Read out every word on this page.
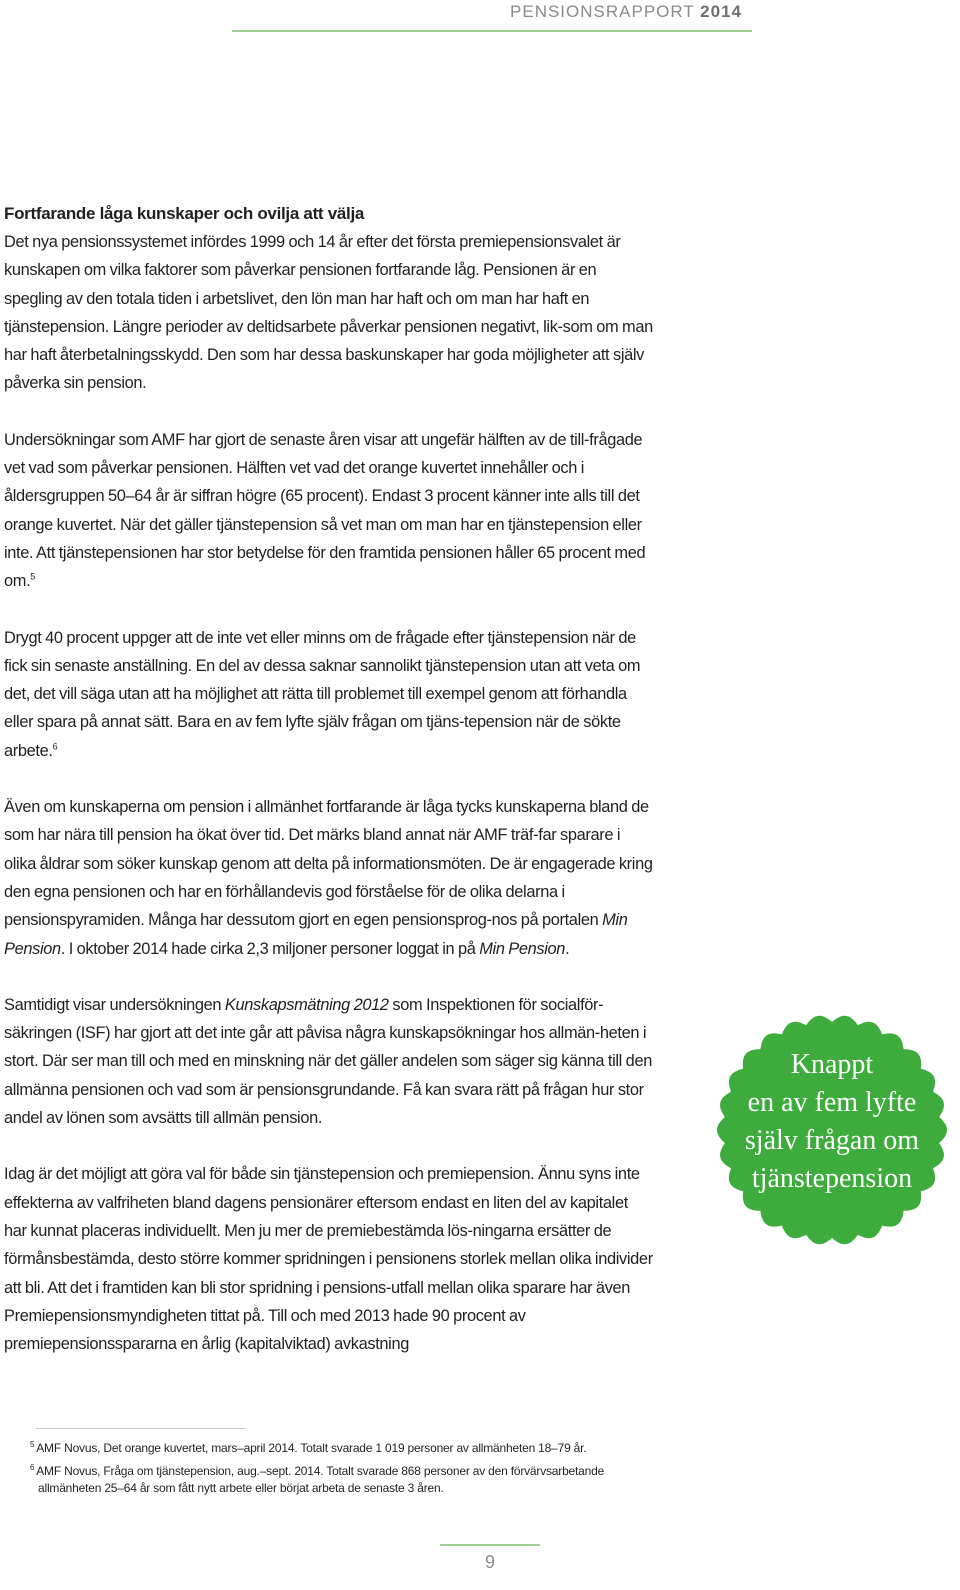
PENSIONSRAPPORT 2014

Fortfarande låga kunskaper och ovilja att välja

Det nya pensionssystemet infördes 1999 och 14 år efter det första premiepensionsvalet är kunskapen om vilka faktorer som påverkar pensionen fortfarande låg. Pensionen är en spegling av den totala tiden i arbetslivet, den lön man har haft och om man har haft en tjänstepension. Längre perioder av deltidsarbete påverkar pensionen negativt, lik-som om man har haft återbetalningsskydd. Den som har dessa baskunskaper har goda möjligheter att själv påverka sin pension.

Undersökningar som AMF har gjort de senaste åren visar att ungefär hälften av de till-frågade vet vad som påverkar pensionen. Hälften vet vad det orange kuvertet innehåller och i åldersgruppen 50–64 år är siffran högre (65 procent). Endast 3 procent känner inte alls till det orange kuvertet. När det gäller tjänstepension så vet man om man har en tjänstepension eller inte. Att tjänstepensionen har stor betydelse för den framtida pensionen håller 65 procent med om.$^5$

Drygt 40 procent uppger att de inte vet eller minns om de frågade efter tjänstepension när de fick sin senaste anställning. En del av dessa saknar sannolikt tjänstepension utan att veta om det, det vill säga utan att ha möjlighet att rätta till problemet till exempel genom att förhandla eller spara på annat sätt. Bara en av fem lyfte själv frågan om tjäns-tepension när de sökte arbete.$^6$

Även om kunskaperna om pension i allmänhet fortfarande är låga tycks kunskaperna bland de som har nära till pension ha ökat över tid. Det märks bland annat när AMF träf-far sparare i olika åldrar som söker kunskap genom att delta på informationsmöten. De är engagerade kring den egna pensionen och har en förhållandevis god förståelse för de olika delarna i pensionspyramiden. Många har dessutom gjort en egen pensionsprog-nos på portalen Min Pension. I oktober 2014 hade cirka 2,3 miljoner personer loggat in på Min Pension.

Samtidigt visar undersökningen Kunskapsmätning 2012 som Inspektionen för socialför-säkringen (ISF) har gjort att det inte går att påvisa några kunskapsökningar hos allmän-heten i stort. Där ser man till och med en minskning när det gäller andelen som säger sig känna till den allmänna pensionen och vad som är pensionsgrundande. Få kan svara rätt på frågan hur stor andel av lönen som avsätts till allmän pension.

Idag är det möjligt att göra val för både sin tjänstepension och premiepension. Ännu syns inte effekterna av valfriheten bland dagens pensionärer eftersom endast en liten del av kapitalet har kunnat placeras individuellt. Men ju mer de premiebestämda lös-ningarna ersätter de förmånsbestämda, desto större kommer spridningen i pensionens storlek mellan olika individer att bli. Att det i framtiden kan bli stor spridning i pensions-utfall mellan olika sparare har även Premiepensionsmyndigheten tittat på. Till och med 2013 hade 90 procent av premiepensionsspararna en årlig (kapitalviktad) avkastning

Knappt
en av fem lyfte
själv frågan om
tjänstepension

$^5$ AMF Novus, Det orange kuvertet, mars–april 2014. Totalt svarade 1 019 personer av allmänheten 18–79 år.

$^6$ AMF Novus, Fråga om tjänstepension, aug.–sept. 2014. Totalt svarade 868 personer av den förvärvsarbetande
allmänheten 25–64 år som fått nytt arbete eller börjat arbeta de senaste 3 åren.

9
